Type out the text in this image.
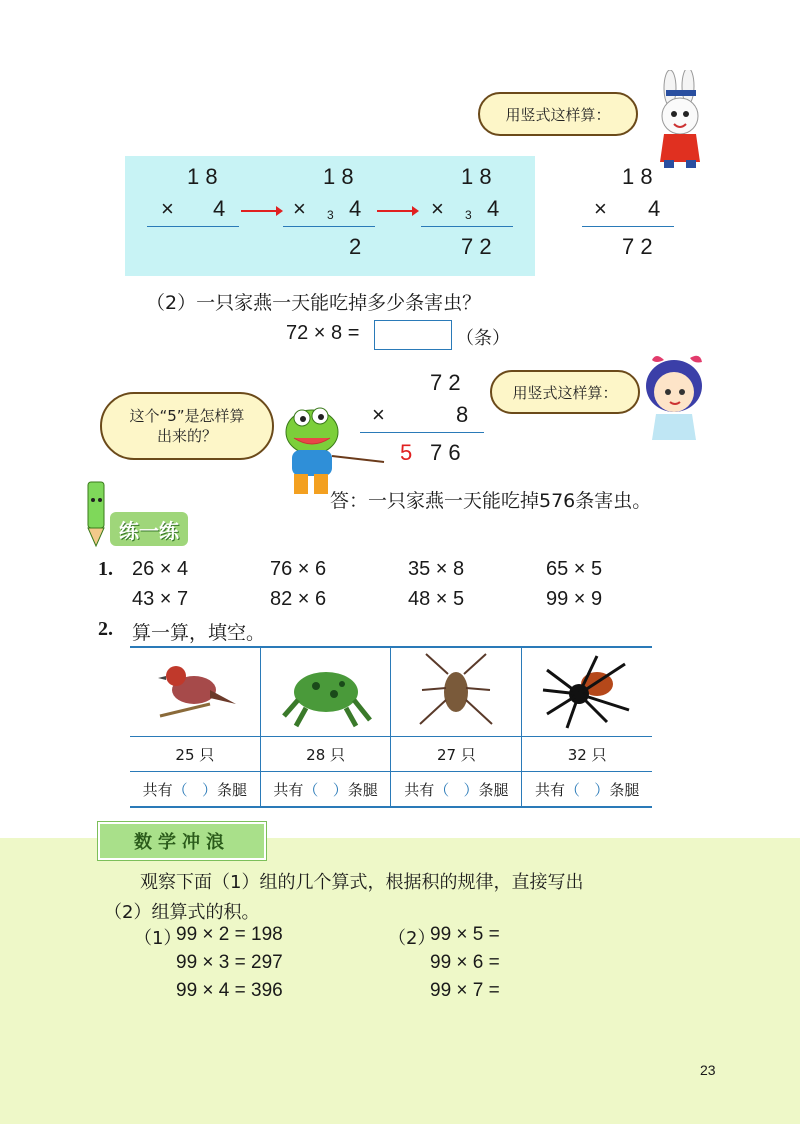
用竖式这样算：
1 8
× 4
1 8
× 3 4
2
1 8
× 3 4
7 2
1 8
× 4
7 2
（2）一只家燕一天能吃掉多少条害虫？
72 × 8 =	（条）
用竖式这样算：
这个“5”是怎样算出来的？
7 2
×	8
5 7 6
答：一只家燕一天能吃掉576条害虫。
练一练
1. 26 × 4	76 × 6	35 × 8	65 × 5
43 × 7	82 × 6	48 × 5	99 × 9
2. 算一算，填空。

25 只	28 只	27 只	32 只
共有（ ）条腿	共有（ ）条腿	共有（ ）条腿	共有（ ）条腿
数学冲浪
观察下面（1）组的几个算式，根据积的规律，直接写出
（2）组算式的积。
（1）
99 × 2 = 198
99 × 3 = 297
99 × 4 = 396
（2）
99 × 5 =
99 × 6 =
99 × 7 =
23
